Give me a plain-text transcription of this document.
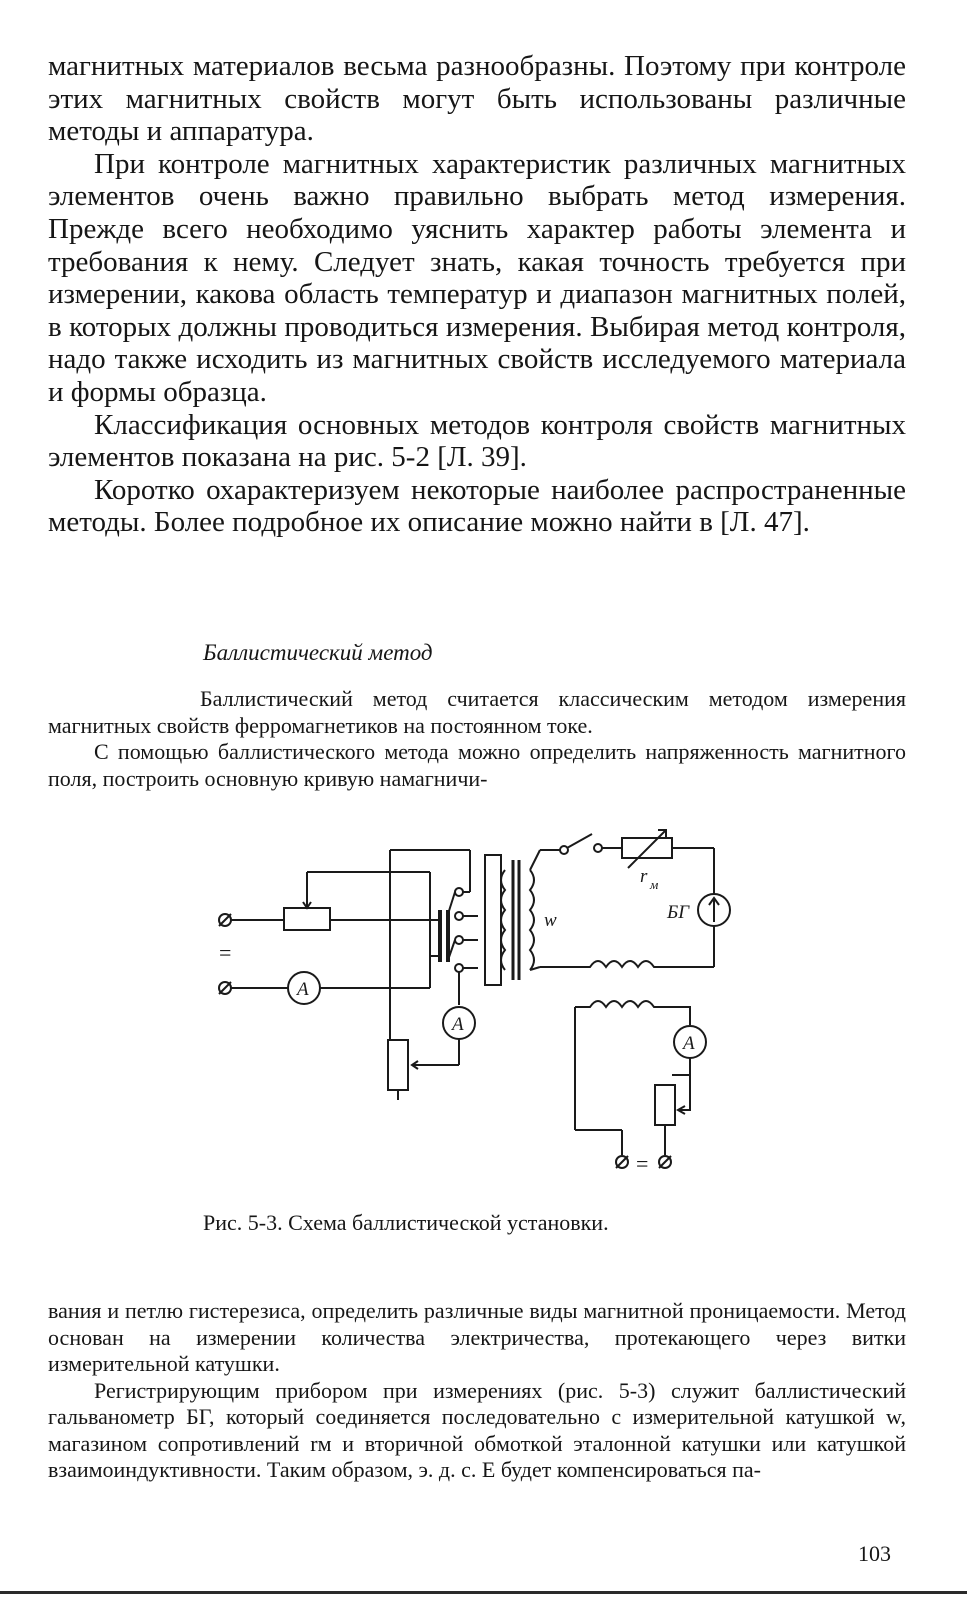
магнитных материалов весьма разнообразны. Поэтому при контроле этих магнитных свойств могут быть использованы различные методы и аппаратура.

При контроле магнитных характеристик различных магнитных элементов очень важно правильно выбрать метод измерения. Прежде всего необходимо уяснить характер работы элемента и требования к нему. Следует знать, какая точность требуется при измерении, какова область температур и диапазон магнитных полей, в которых должны проводиться измерения. Выбирая метод контроля, надо также исходить из магнитных свойств исследуемого материала и формы образца.

Классификация основных методов контроля свойств магнитных элементов показана на рис. 5-2 [Л. 39].

Коротко охарактеризуем некоторые наиболее распространенные методы. Более подробное их описание можно найти в [Л. 47].

Баллистический метод

Баллистический метод считается классическим методом измерения магнитных свойств ферромагнетиков на постоянном токе.

С помощью баллистического метода можно определить напряженность магнитного поля, построить основную кривую намагничи-

A
A
A
w	БГ
r м
=
=
Рис. 5-3. Схема баллистической установки.

вания и петлю гистерезиса, определить различные виды магнитной проницаемости. Метод основан на измерении количества электричества, протекающего через витки измерительной катушки.

Регистрирующим прибором при измерениях (рис. 5-3) служит баллистический гальванометр БГ, который соединяется последовательно с измерительной катушкой w, магазином сопротивлений rм и вторичной обмоткой эталонной катушки или катушкой взаимоиндуктивности. Таким образом, э. д. с. Е будет компенсироваться па-

103
